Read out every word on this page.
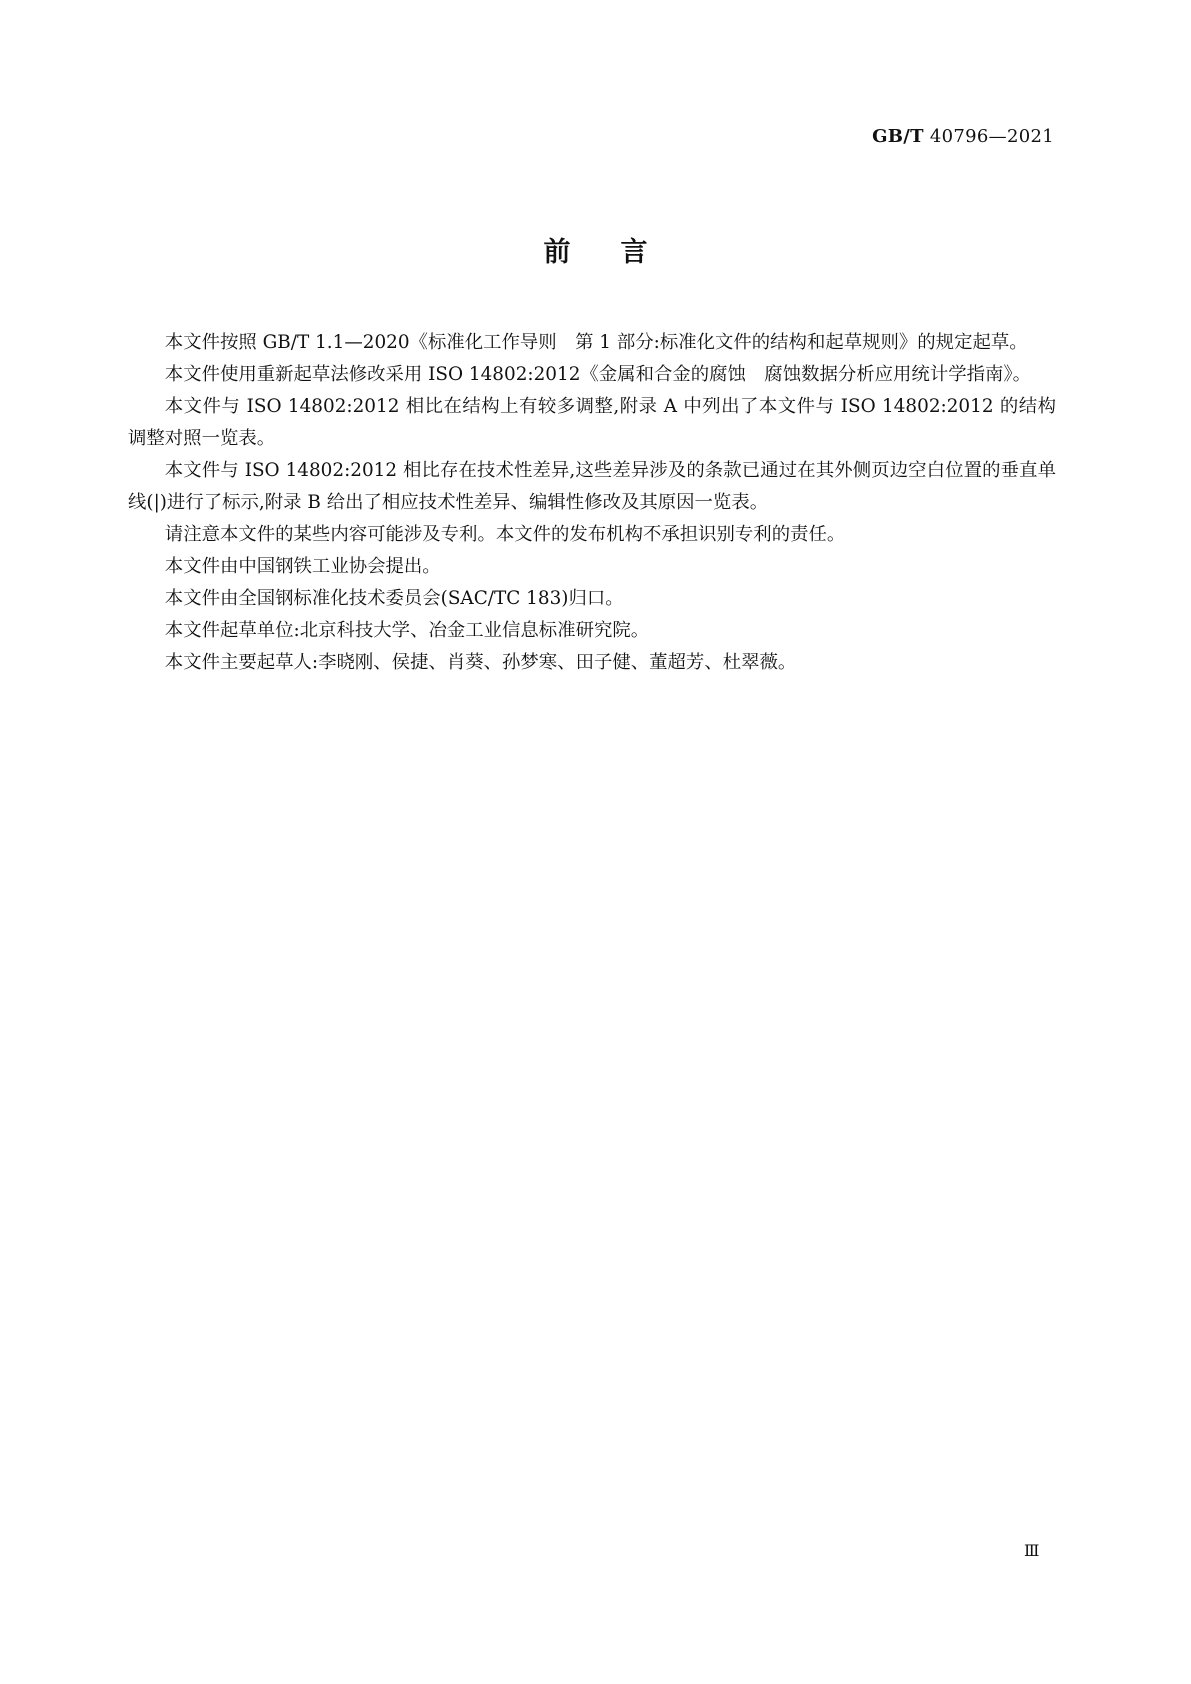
GB/T 40796—2021
前言

本文件按照 GB/T 1.1—2020《标准化工作导则　第 1 部分:标准化文件的结构和起草规则》的规定起草。

本文件使用重新起草法修改采用 ISO 14802:2012《金属和合金的腐蚀　腐蚀数据分析应用统计学指南》。

本文件与 ISO 14802:2012 相比在结构上有较多调整,附录 A 中列出了本文件与 ISO 14802:2012 的结构调整对照一览表。

本文件与 ISO 14802:2012 相比存在技术性差异,这些差异涉及的条款已通过在其外侧页边空白位置的垂直单线(|)进行了标示,附录 B 给出了相应技术性差异、编辑性修改及其原因一览表。

请注意本文件的某些内容可能涉及专利。本文件的发布机构不承担识别专利的责任。

本文件由中国钢铁工业协会提出。

本文件由全国钢标准化技术委员会(SAC/TC 183)归口。

本文件起草单位:北京科技大学、冶金工业信息标准研究院。

本文件主要起草人:李晓刚、侯捷、肖葵、孙梦寒、田子健、董超芳、杜翠薇。

Ⅲ
